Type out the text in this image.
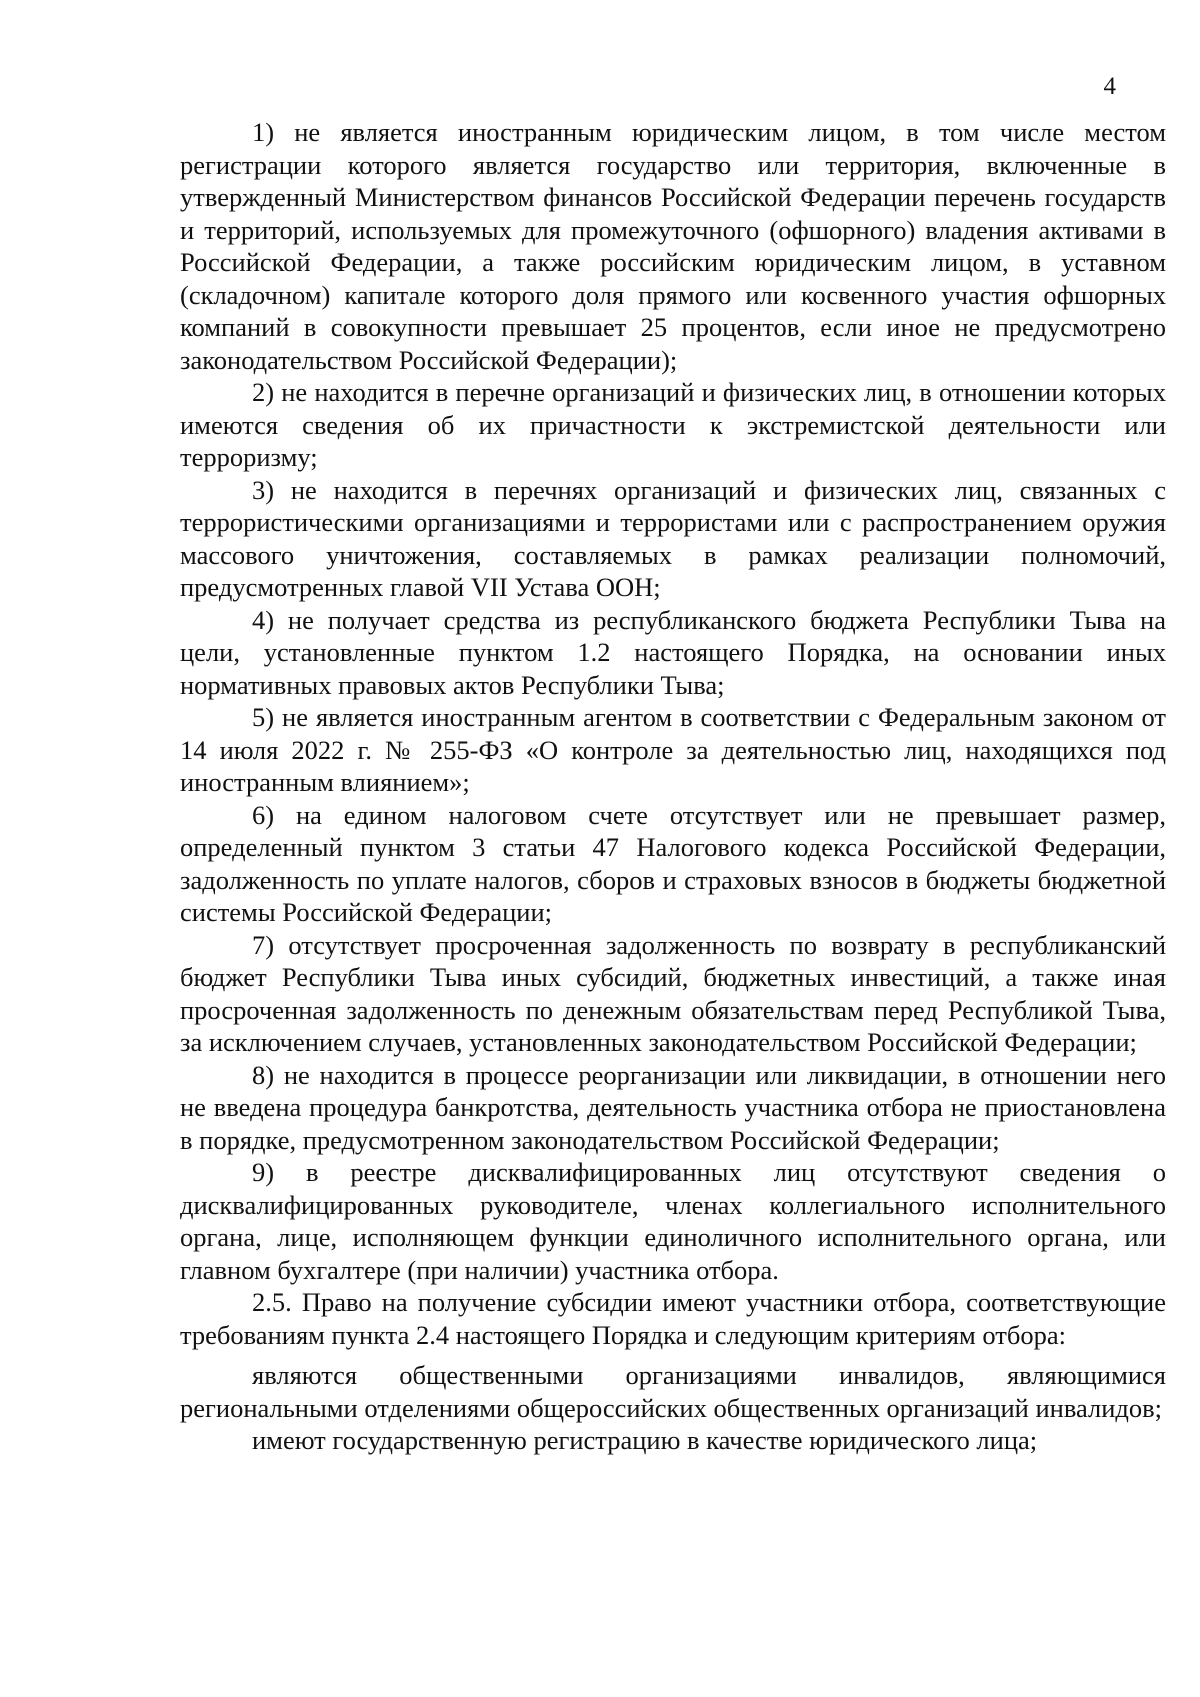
4

1) не является иностранным юридическим лицом, в том числе местом регистрации которого является государство или территория, включенные в утвержденный Министерством финансов Российской Федерации перечень государств и территорий, используемых для промежуточного (офшорного) владения активами в Российской Федерации, а также российским юридическим лицом, в уставном (складочном) капитале которого доля прямого или косвенного участия офшорных компаний в совокупности превышает 25 процентов, если иное не предусмотрено законодательством Российской Федерации);

2) не находится в перечне организаций и физических лиц, в отношении которых имеются сведения об их причастности к экстремистской деятельности или терроризму;

3) не находится в перечнях организаций и физических лиц, связанных с террористическими организациями и террористами или с распространением оружия массового уничтожения, составляемых в рамках реализации полномочий, предусмотренных главой VII Устава ООН;

4) не получает средства из республиканского бюджета Республики Тыва на цели, установленные пунктом 1.2 настоящего Порядка, на основании иных нормативных правовых актов Республики Тыва;

5) не является иностранным агентом в соответствии с Федеральным законом от 14 июля 2022 г. № 255-ФЗ «О контроле за деятельностью лиц, находящихся под иностранным влиянием»;

6) на едином налоговом счете отсутствует или не превышает размер, определенный пунктом 3 статьи 47 Налогового кодекса Российской Федерации, задолженность по уплате налогов, сборов и страховых взносов в бюджеты бюджетной системы Российской Федерации;

7) отсутствует просроченная задолженность по возврату в республиканский бюджет Республики Тыва иных субсидий, бюджетных инвестиций, а также иная просроченная задолженность по денежным обязательствам перед Республикой Тыва, за исключением случаев, установленных законодательством Российской Федерации;

8) не находится в процессе реорганизации или ликвидации, в отношении него не введена процедура банкротства, деятельность участника отбора не приостановлена в порядке, предусмотренном законодательством Российской Федерации;

9) в реестре дисквалифицированных лиц отсутствуют сведения о дисквалифицированных руководителе, членах коллегиального исполнительного органа, лице, исполняющем функции единоличного исполнительного органа, или главном бухгалтере (при наличии) участника отбора.

2.5. Право на получение субсидии имеют участники отбора, соответствующие требованиям пункта 2.4 настоящего Порядка и следующим критериям отбора:

являются общественными организациями инвалидов, являющимися региональными отделениями общероссийских общественных организаций инвалидов;

имеют государственную регистрацию в качестве юридического лица;
